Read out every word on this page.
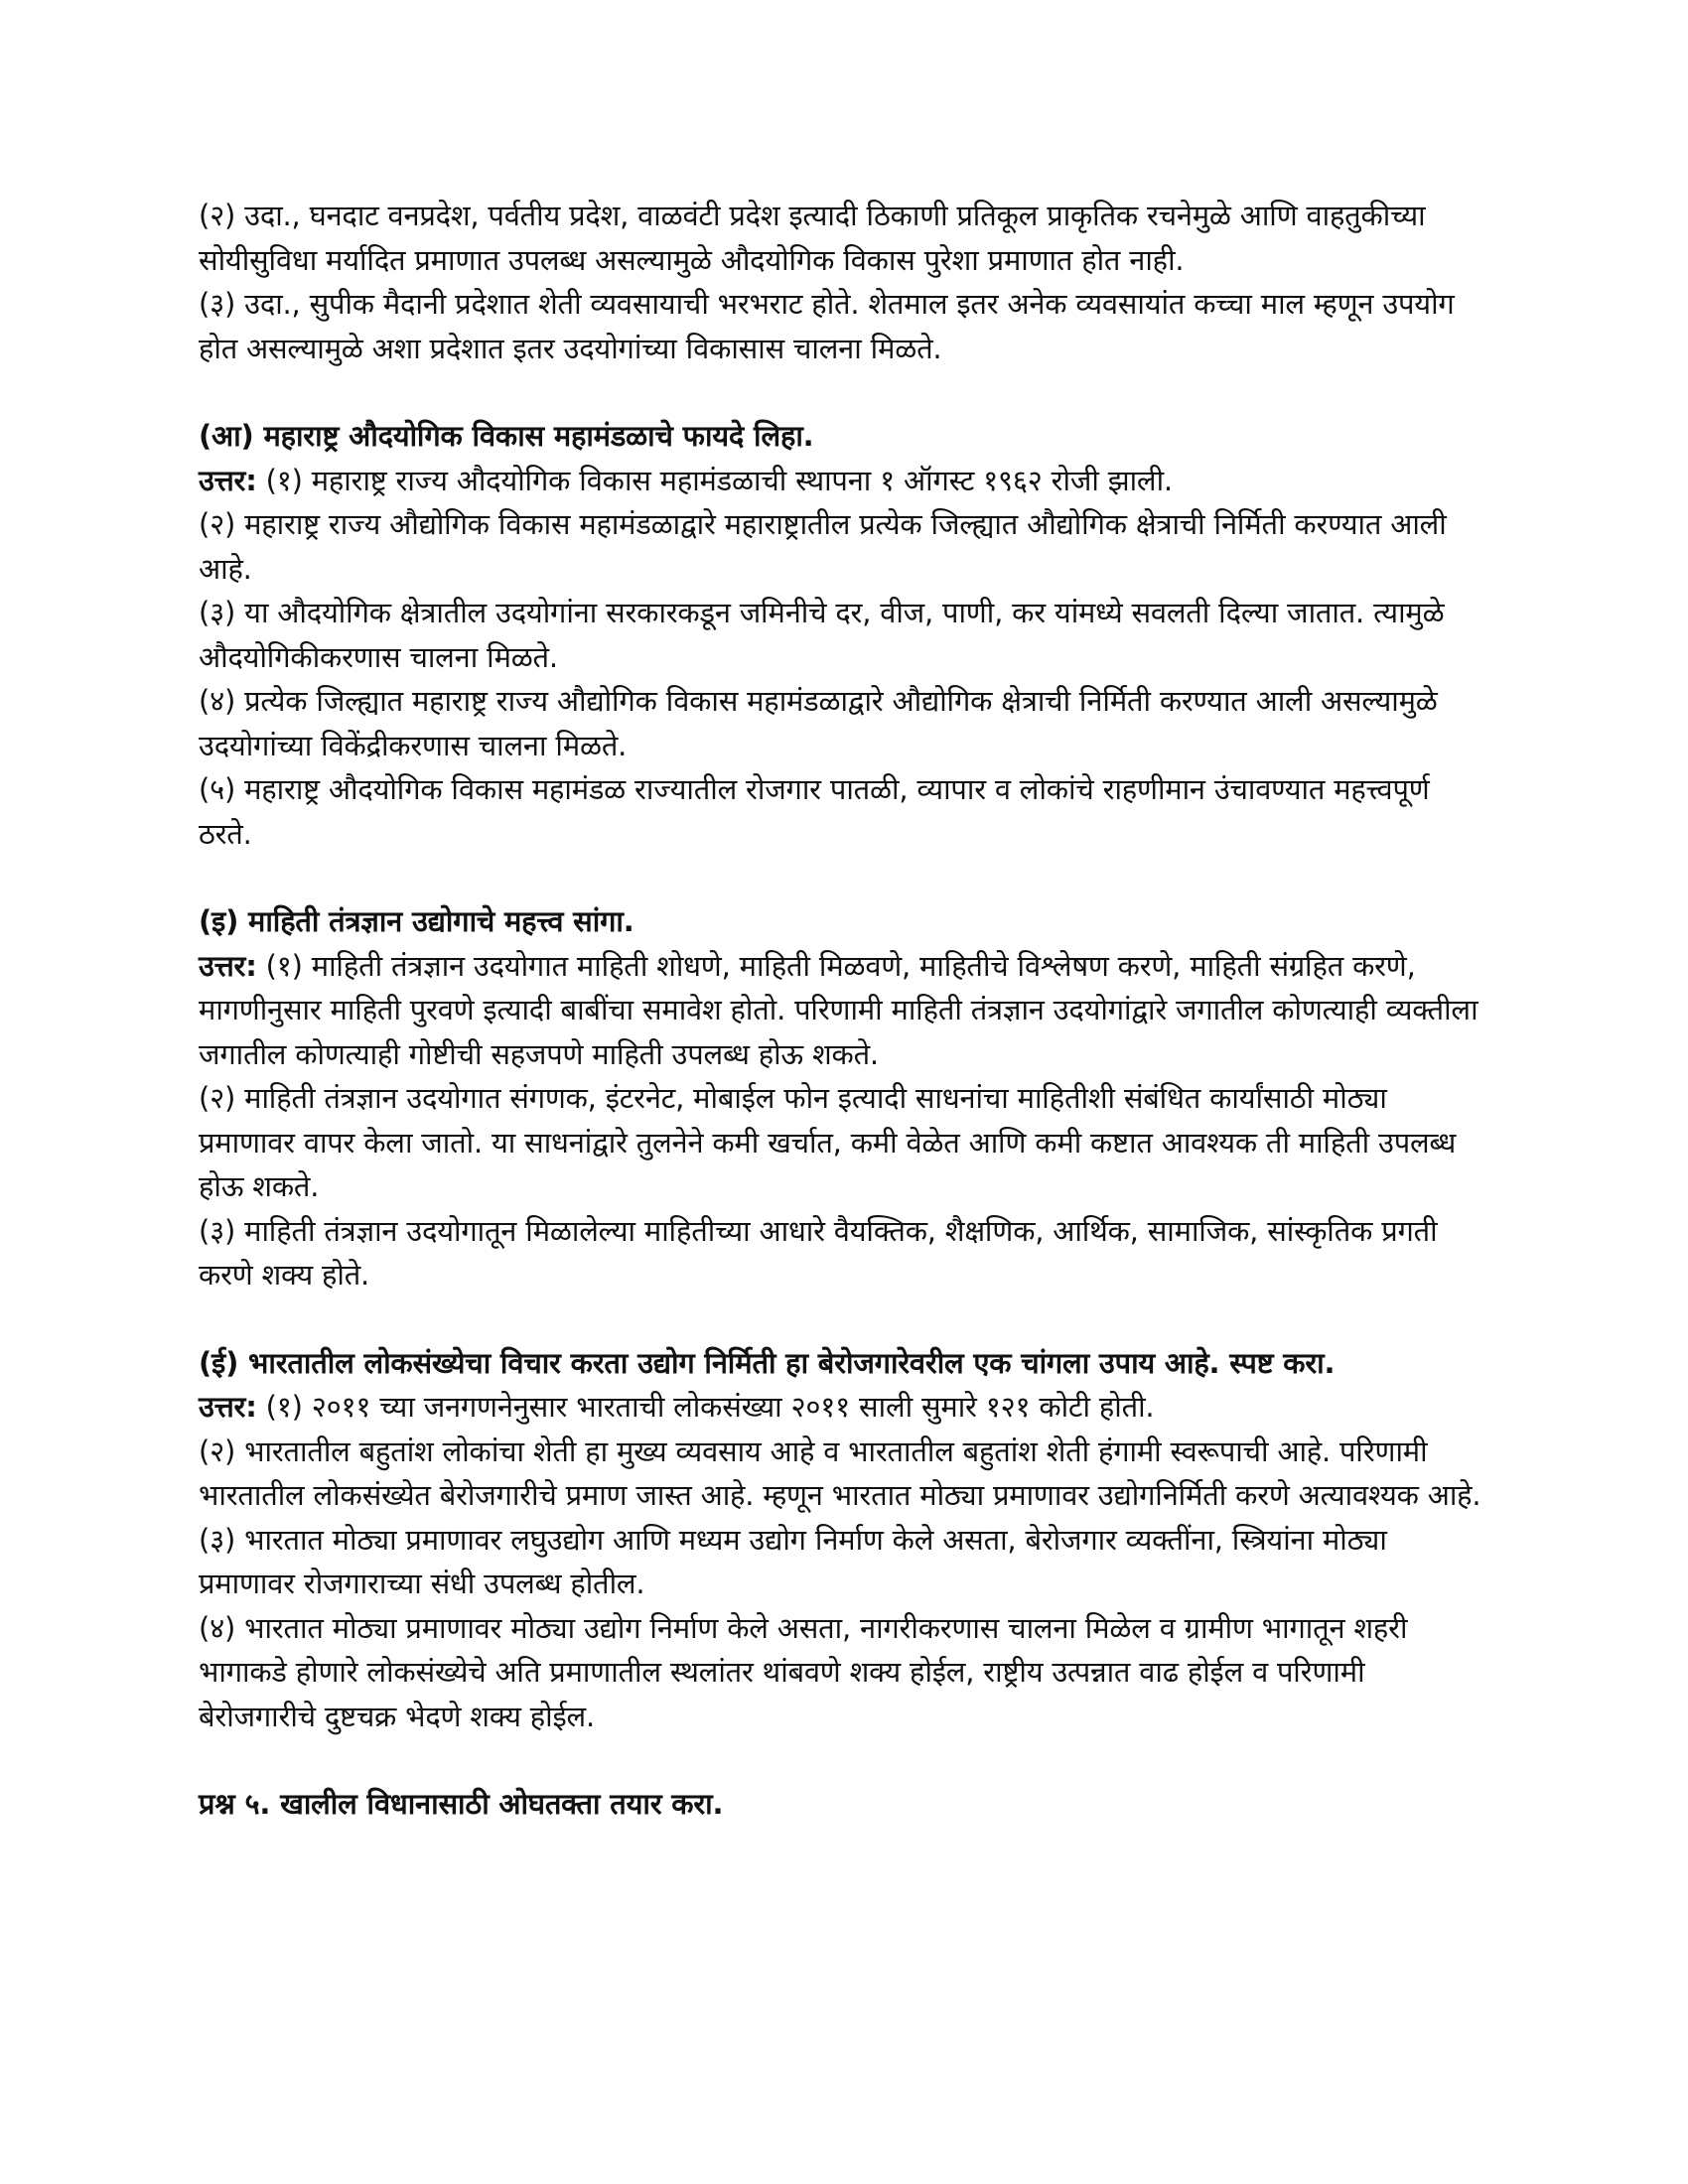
(२) उदा., घनदाट वनप्रदेश, पर्वतीय प्रदेश, वाळवंटी प्रदेश इत्यादी ठिकाणी प्रतिकूल प्राकृतिक रचनेमुळे आणि वाहतुकीच्या सोयीसुविधा मर्यादित प्रमाणात उपलब्ध असल्यामुळे औदयोगिक विकास पुरेशा प्रमाणात होत नाही.

(३) उदा., सुपीक मैदानी प्रदेशात शेती व्यवसायाची भरभराट होते. शेतमाल इतर अनेक व्यवसायांत कच्चा माल म्हणून उपयोग होत असल्यामुळे अशा प्रदेशात इतर उदयोगांच्या विकासास चालना मिळते.

(आ) महाराष्ट्र औदयोगिक विकास महामंडळाचे फायदे लिहा.

उत्तर: (१) महाराष्ट्र राज्य औदयोगिक विकास महामंडळाची स्थापना १ ऑगस्ट १९६२ रोजी झाली.

(२) महाराष्ट्र राज्य औद्योगिक विकास महामंडळाद्वारे महाराष्ट्रातील प्रत्येक जिल्ह्यात औद्योगिक क्षेत्राची निर्मिती करण्यात आली आहे.

(३) या औदयोगिक क्षेत्रातील उदयोगांना सरकारकडून जमिनीचे दर, वीज, पाणी, कर यांमध्ये सवलती दिल्या जातात. त्यामुळे औदयोगिकीकरणास चालना मिळते.

(४) प्रत्येक जिल्ह्यात महाराष्ट्र राज्य औद्योगिक विकास महामंडळाद्वारे औद्योगिक क्षेत्राची निर्मिती करण्यात आली असल्यामुळे उदयोगांच्या विकेंद्रीकरणास चालना मिळते.

(५) महाराष्ट्र औदयोगिक विकास महामंडळ राज्यातील रोजगार पातळी, व्यापार व लोकांचे राहणीमान उंचावण्यात महत्त्वपूर्ण ठरते.

(इ) माहिती तंत्रज्ञान उद्योगाचे महत्त्व सांगा.

उत्तर: (१) माहिती तंत्रज्ञान उदयोगात माहिती शोधणे, माहिती मिळवणे, माहितीचे विश्लेषण करणे, माहिती संग्रहित करणे, मागणीनुसार माहिती पुरवणे इत्यादी बाबींचा समावेश होतो. परिणामी माहिती तंत्रज्ञान उदयोगांद्वारे जगातील कोणत्याही व्यक्तीला जगातील कोणत्याही गोष्टीची सहजपणे माहिती उपलब्ध होऊ शकते.

(२) माहिती तंत्रज्ञान उदयोगात संगणक, इंटरनेट, मोबाईल फोन इत्यादी साधनांचा माहितीशी संबंधित कार्यांसाठी मोठ्या प्रमाणावर वापर केला जातो. या साधनांद्वारे तुलनेने कमी खर्चात, कमी वेळेत आणि कमी कष्टात आवश्यक ती माहिती उपलब्ध होऊ शकते.

(३) माहिती तंत्रज्ञान उदयोगातून मिळालेल्या माहितीच्या आधारे वैयक्तिक, शैक्षणिक, आर्थिक, सामाजिक, सांस्कृतिक प्रगती करणे शक्य होते.

(ई) भारतातील लोकसंख्येचा विचार करता उद्योग निर्मिती हा बेरोजगारेवरील एक चांगला उपाय आहे. स्पष्ट करा.

उत्तर: (१) २०११ च्या जनगणनेनुसार भारताची लोकसंख्या २०११ साली सुमारे १२१ कोटी होती.

(२) भारतातील बहुतांश लोकांचा शेती हा मुख्य व्यवसाय आहे व भारतातील बहुतांश शेती हंगामी स्वरूपाची आहे. परिणामी भारतातील लोकसंख्येत बेरोजगारीचे प्रमाण जास्त आहे. म्हणून भारतात मोठ्या प्रमाणावर उद्योगनिर्मिती करणे अत्यावश्यक आहे.

(३) भारतात मोठ्या प्रमाणावर लघुउद्योग आणि मध्यम उद्योग निर्माण केले असता, बेरोजगार व्यक्तींना, स्त्रियांना मोठ्या प्रमाणावर रोजगाराच्या संधी उपलब्ध होतील.

(४) भारतात मोठ्या प्रमाणावर मोठ्या उद्योग निर्माण केले असता, नागरीकरणास चालना मिळेल व ग्रामीण भागातून शहरी भागाकडे होणारे लोकसंख्येचे अति प्रमाणातील स्थलांतर थांबवणे शक्य होईल, राष्ट्रीय उत्पन्नात वाढ होईल व परिणामी बेरोजगारीचे दुष्टचक्र भेदणे शक्य होईल.

प्रश्न ५. खालील विधानासाठी ओघतक्ता तयार करा.
